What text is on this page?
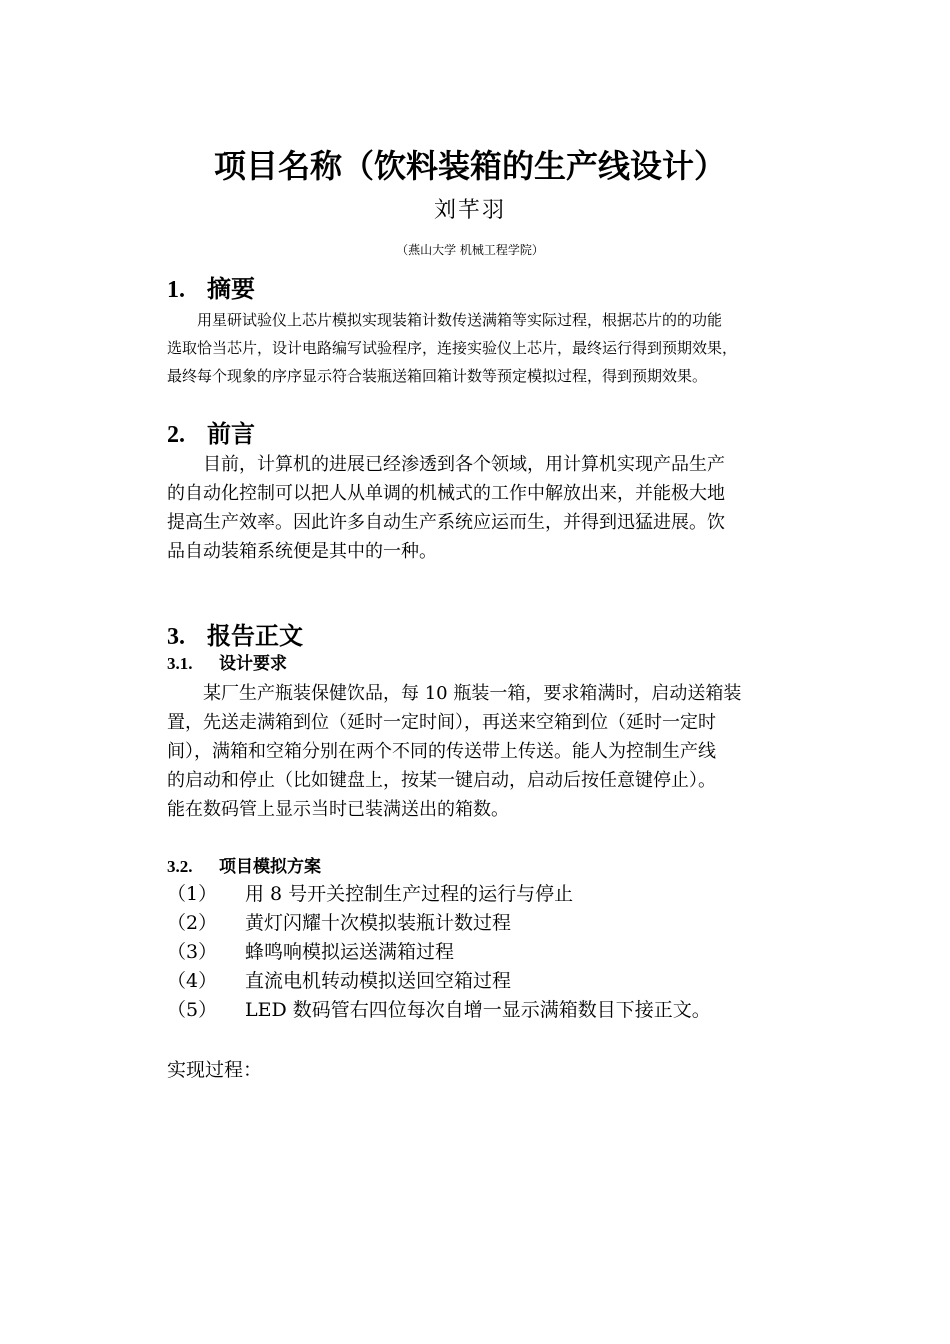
项目名称（饮料装箱的生产线设计）
刘芊羽
（燕山大学 机械工程学院）
1. 摘要
　　用星研试验仪上芯片模拟实现装箱计数传送满箱等实际过程，根据芯片的的功能
选取恰当芯片，设计电路编写试验程序，连接实验仪上芯片，最终运行得到预期效果，
最终每个现象的序序显示符合装瓶送箱回箱计数等预定模拟过程，得到预期效果。
2. 前言
　　目前，计算机的进展已经渗透到各个领域，用计算机实现产品生产
的自动化控制可以把人从单调的机械式的工作中解放出来，并能极大地
提高生产效率。因此许多自动生产系统应运而生，并得到迅猛进展。饮
品自动装箱系统便是其中的一种。
3. 报告正文
3.1. 设计要求
　　某厂生产瓶装保健饮品，每 10 瓶装一箱，要求箱满时，启动送箱装
置，先送走满箱到位（延时一定时间），再送来空箱到位（延时一定时
间），满箱和空箱分别在两个不同的传送带上传送。能人为控制生产线
的启动和停止（比如键盘上，按某一键启动，启动后按任意键停止）。
能在数码管上显示当时已装满送出的箱数。
3.2. 项目模拟方案
（1） 用 8 号开关控制生产过程的运行与停止
（2） 黄灯闪耀十次模拟装瓶计数过程
（3） 蜂鸣响模拟运送满箱过程
（4） 直流电机转动模拟送回空箱过程
（5） LED 数码管右四位每次自增一显示满箱数目下接正文。
实现过程：
